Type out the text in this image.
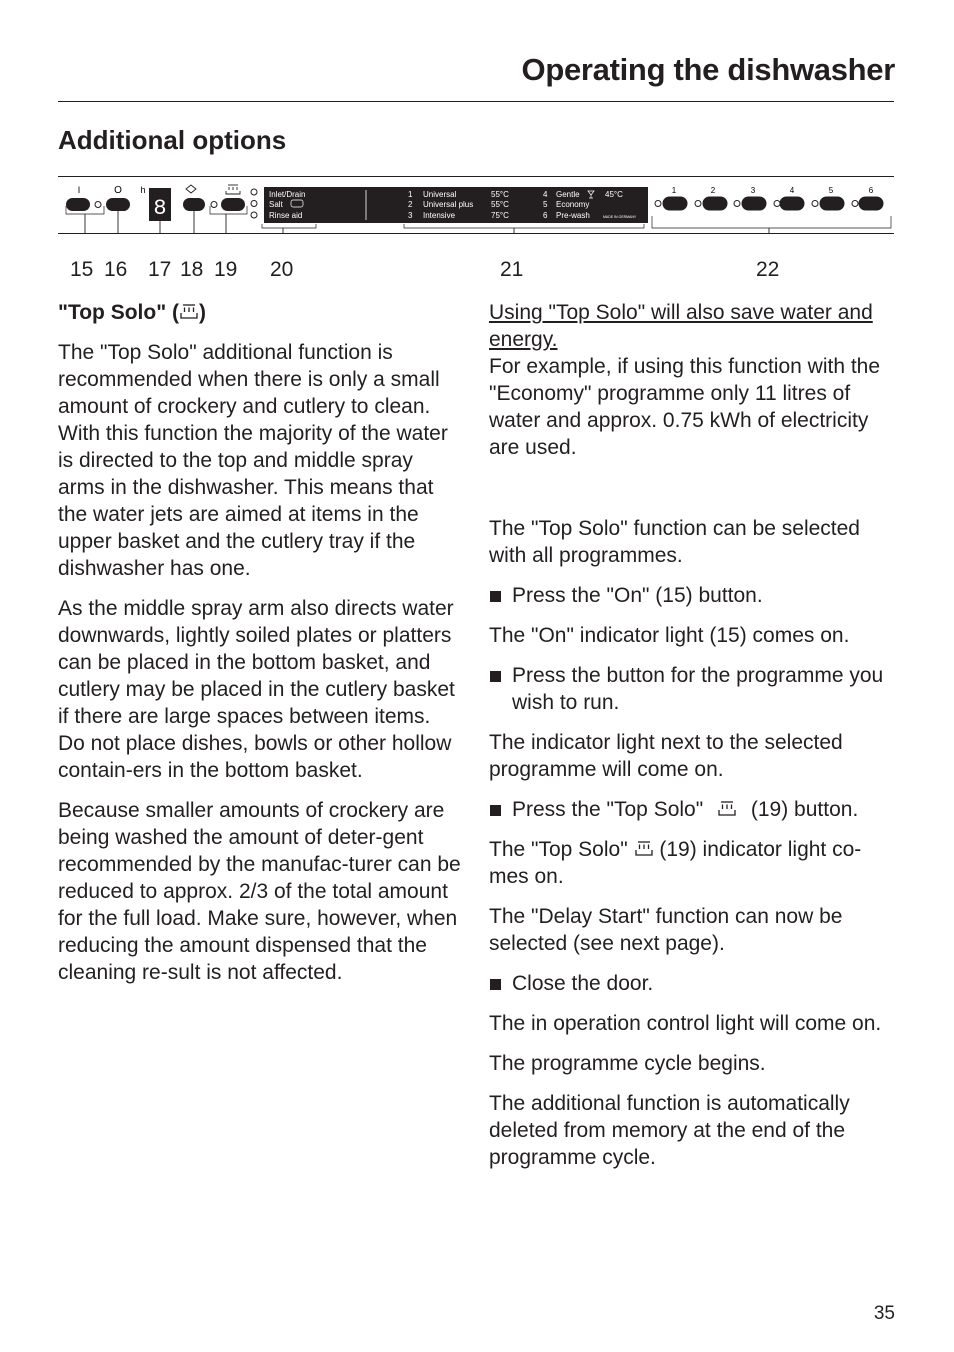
Operating the dishwasher
Additional options
I	O h
8
Inlet/Drain
Salt
Rinse aid
1 Universal	55°C
2 Universal plus 55°C
3 Intensive	75°C
4 Gentle	45°C
5 Economy
6 Pre-wash	MADE IN GERMANY
1	2	3	4	5	6
15 16 17 18 19 20	21	22

"Top Solo" ( )

The "Top Solo" additional function is recommended when there is only a small amount of crockery and cutlery to clean. With this function the majority of the water is directed to the top and middle spray arms in the dishwasher. This means that the water jets are aimed at items in the upper basket and the cutlery tray if the dishwasher has one.

As the middle spray arm also directs water downwards, lightly soiled plates or platters can be placed in the bottom basket, and cutlery may be placed in the cutlery basket if there are large spaces between items. Do not place dishes, bowls or other hollow contain-ers in the bottom basket.

Because smaller amounts of crockery are being washed the amount of deter-gent recommended by the manufac-turer can be reduced to approx. 2/3 of the total amount for the full load. Make sure, however, when reducing the amount dispensed that the cleaning re-sult is not affected.

Using "Top Solo" will also save water and energy.

For example, if using this function with the "Economy" programme only 11 litres of water and approx. 0.75 kWh of electricity are used.

The "Top Solo" function can be selected with all programmes.

Press the "On" (15) button.

The "On" indicator light (15) comes on.

Press the button for the programme you wish to run.

The indicator light next to the selected programme will come on.

Press the "Top Solo" (19) button.

The "Top Solo" (19) indicator light co-mes on.

The "Delay Start" function can now be selected (see next page).

Close the door.

The in operation control light will come on.

The programme cycle begins.

The additional function is automatically deleted from memory at the end of the programme cycle.

35
